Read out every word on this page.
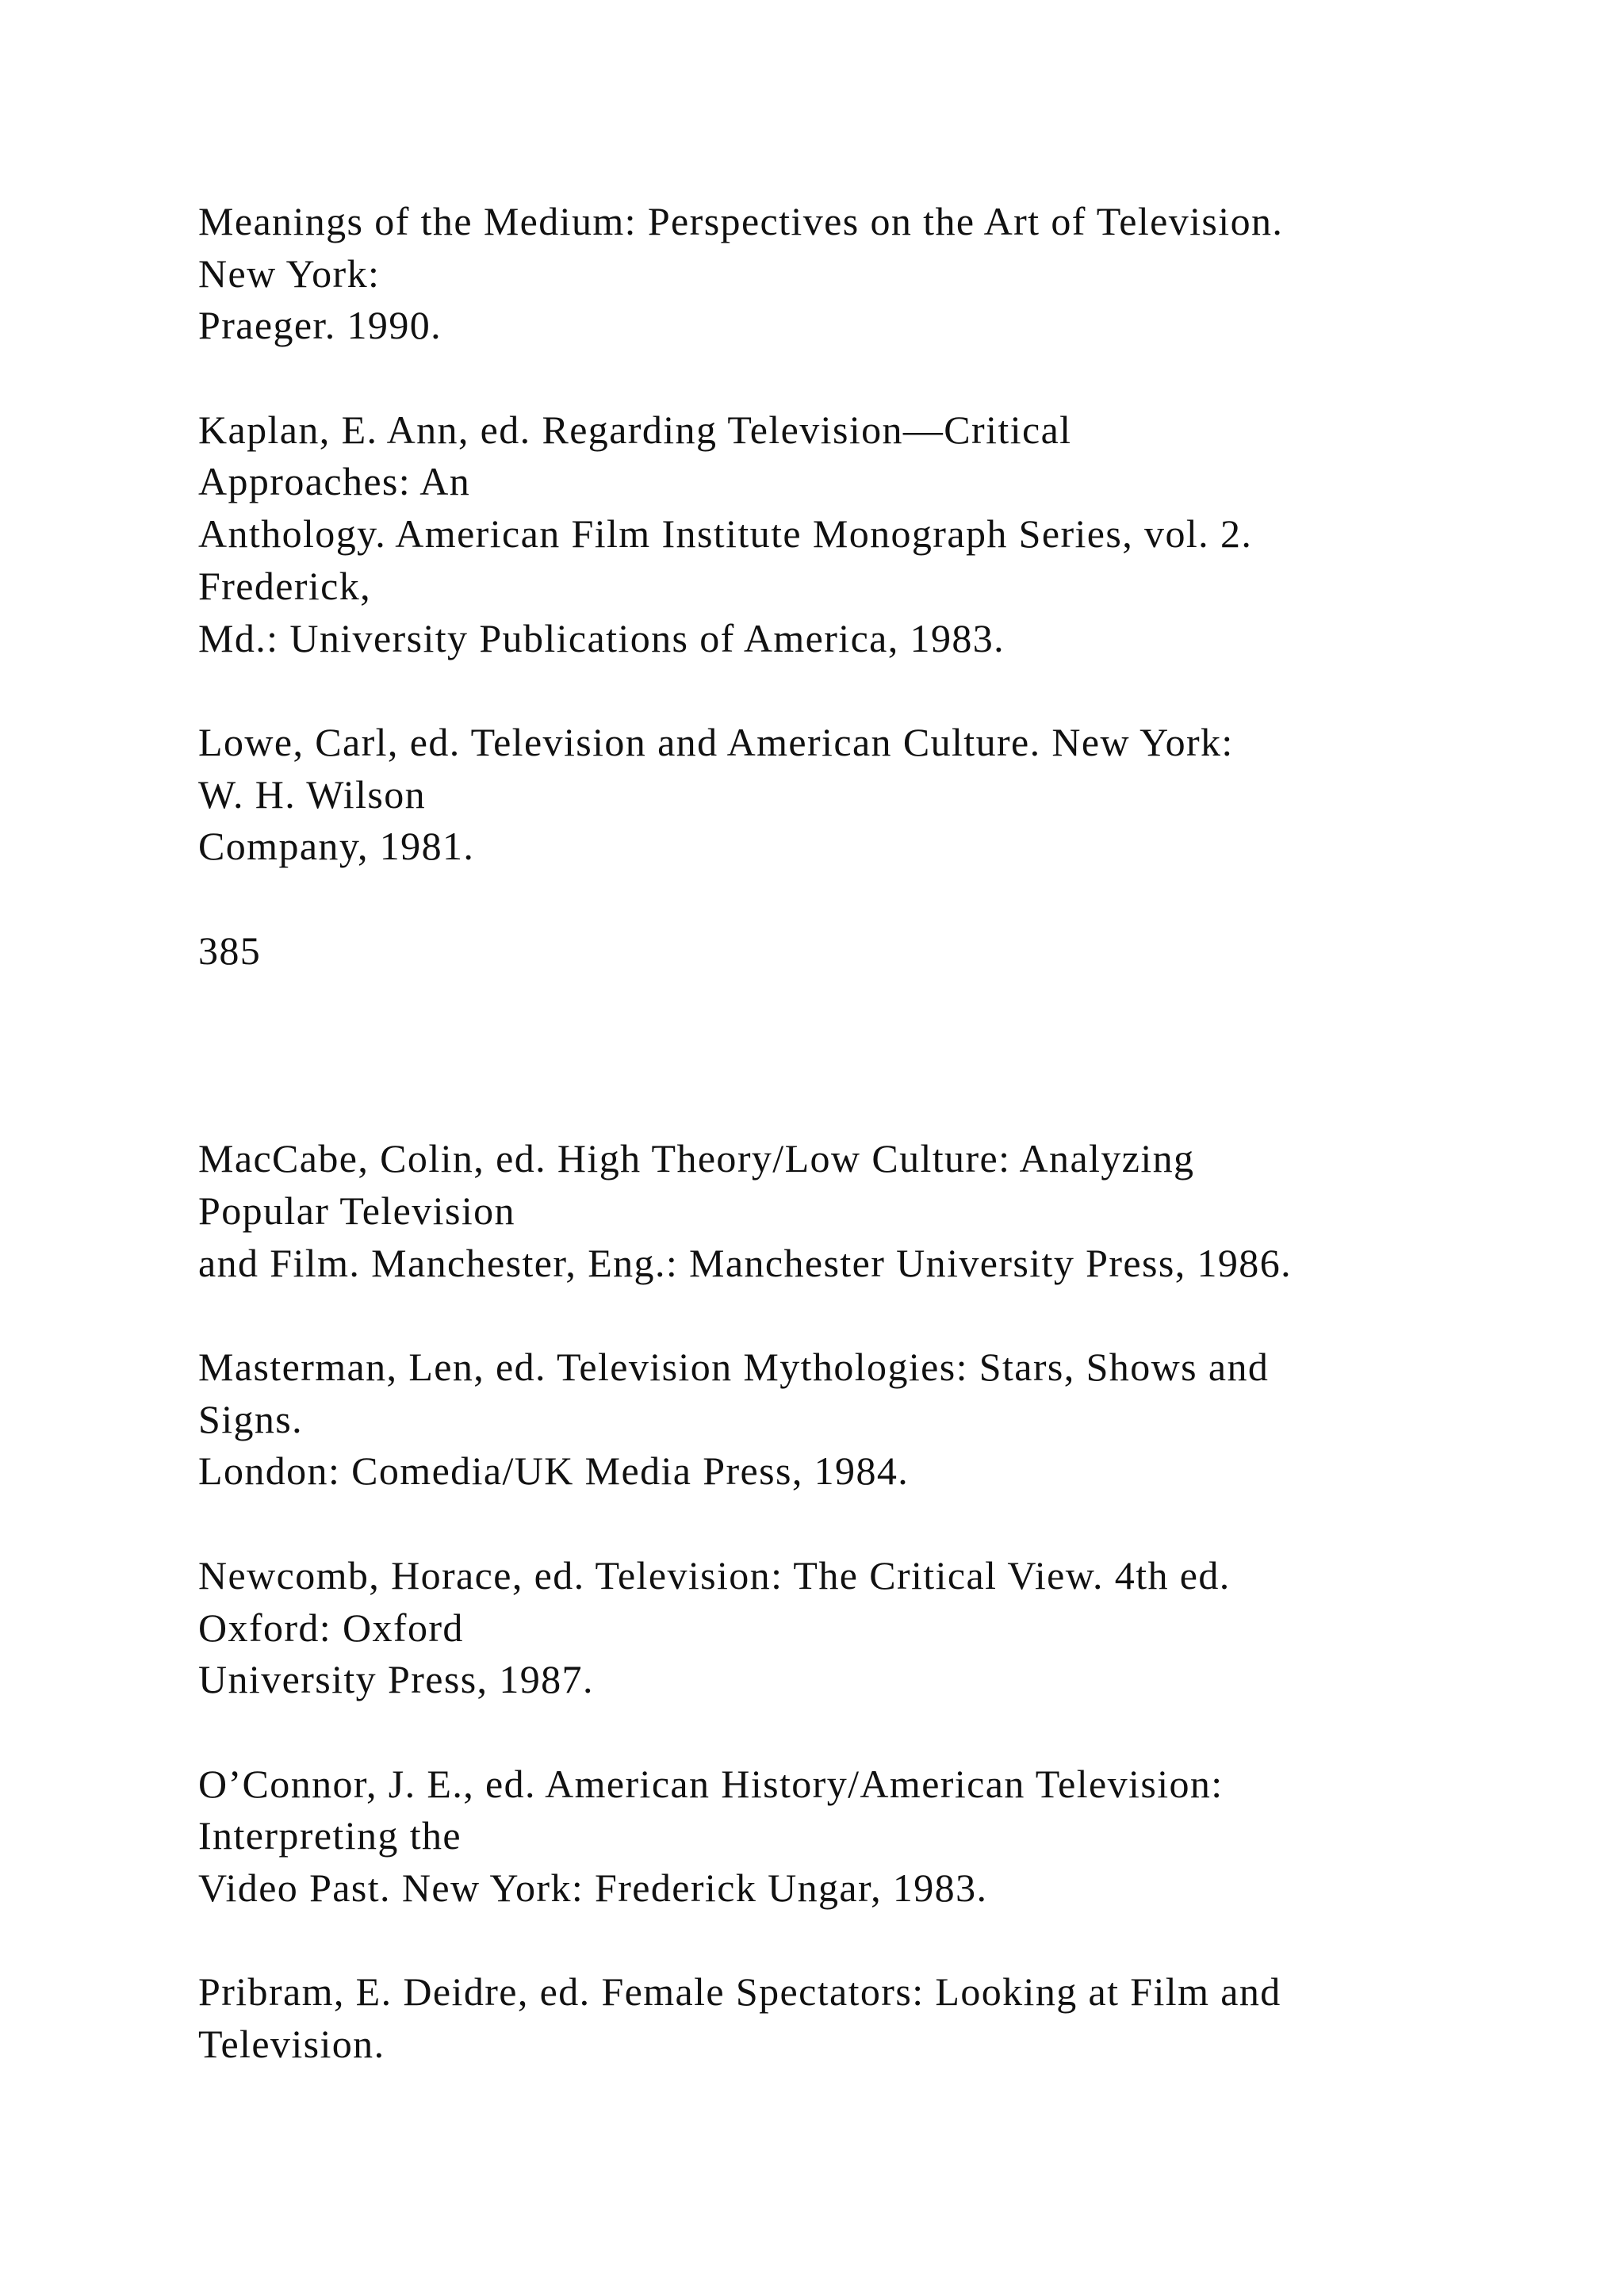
Meanings of the Medium: Perspectives on the Art of Television.
New York:
Praeger. 1990.
Kaplan, E. Ann, ed. Regarding Television—Critical
Approaches: An
Anthology. American Film Institute Monograph Series, vol. 2.
Frederick,
Md.: University Publications of America, 1983.
Lowe, Carl, ed. Television and American Culture. New York:
W. H. Wilson
Company, 1981.
385
MacCabe, Colin, ed. High Theory/Low Culture: Analyzing
Popular Television
and Film. Manchester, Eng.: Manchester University Press, 1986.
Masterman, Len, ed. Television Mythologies: Stars, Shows and
Signs.
London: Comedia/UK Media Press, 1984.
Newcomb, Horace, ed. Television: The Critical View. 4th ed.
Oxford: Oxford
University Press, 1987.
O’Connor, J. E., ed. American History/American Television:
Interpreting the
Video Past. New York: Frederick Ungar, 1983.
Pribram, E. Deidre, ed. Female Spectators: Looking at Film and
Television.
